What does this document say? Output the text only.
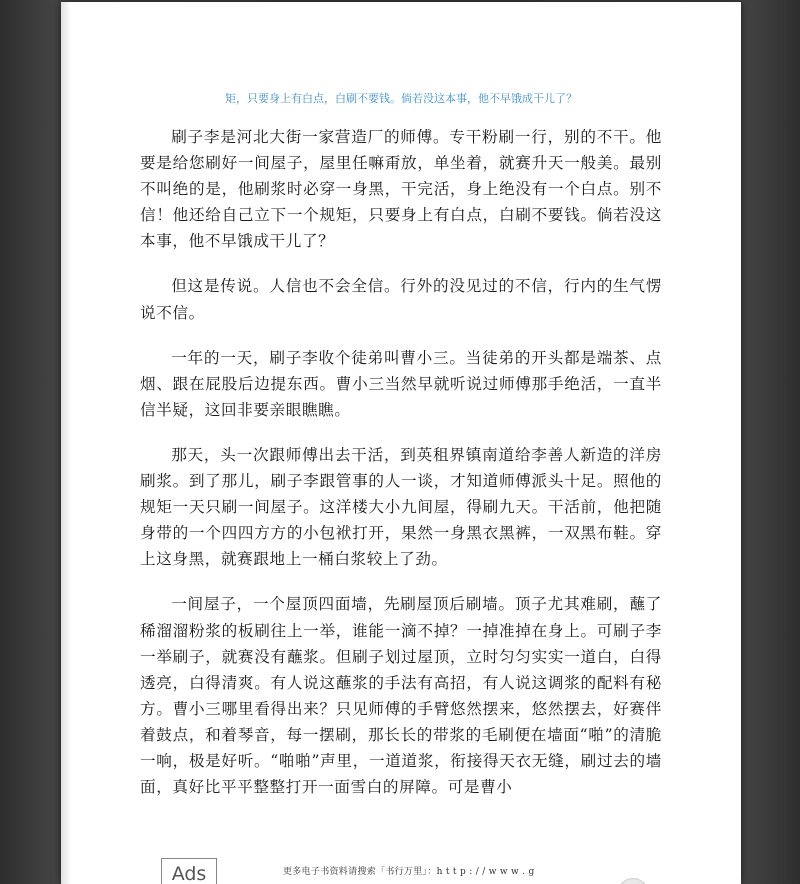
矩，只要身上有白点，白刷不要钱。倘若没这本事，他不早饿成干儿了？

刷子李是河北大街一家营造厂的师傅。专干粉刷一行，别的不干。他要是给您刷好一间屋子，屋里任嘛甭放，单坐着，就赛升天一般美。最别不叫绝的是，他刷浆时必穿一身黑，干完活，身上绝没有一个白点。别不信！他还给自己立下一个规矩，只要身上有白点，白刷不要钱。倘若没这本事，他不早饿成干儿了？

但这是传说。人信也不会全信。行外的没见过的不信，行内的生气愣说不信。

一年的一天，刷子李收个徒弟叫曹小三。当徒弟的开头都是端茶、点烟、跟在屁股后边提东西。曹小三当然早就听说过师傅那手绝活，一直半信半疑，这回非要亲眼瞧瞧。

那天，头一次跟师傅出去干活，到英租界镇南道给李善人新造的洋房刷浆。到了那儿，刷子李跟管事的人一谈，才知道师傅派头十足。照他的规矩一天只刷一间屋子。这洋楼大小九间屋，得刷九天。干活前，他把随身带的一个四四方方的小包袱打开，果然一身黑衣黑裤，一双黑布鞋。穿上这身黑，就赛跟地上一桶白浆较上了劲。

一间屋子，一个屋顶四面墙，先刷屋顶后刷墙。顶子尤其难刷，蘸了稀溜溜粉浆的板刷往上一举，谁能一滴不掉？一掉准掉在身上。可刷子李一举刷子，就赛没有蘸浆。但刷子划过屋顶，立时匀匀实实一道白，白得透亮，白得清爽。有人说这蘸浆的手法有高招，有人说这调浆的配料有秘方。曹小三哪里看得出来？只见师傅的手臂悠然摆来，悠然摆去，好赛伴着鼓点，和着琴音，每一摆刷，那长长的带浆的毛刷便在墙面“啪”的清脆一响，极是好听。“啪啪”声里，一道道浆，衔接得天衣无缝，刷过去的墙面，真好比平平整整打开一面雪白的屏障。可是曹小

Ads	更多电子书资料请搜索「书行万里」：h t t p : / / w w w . g
